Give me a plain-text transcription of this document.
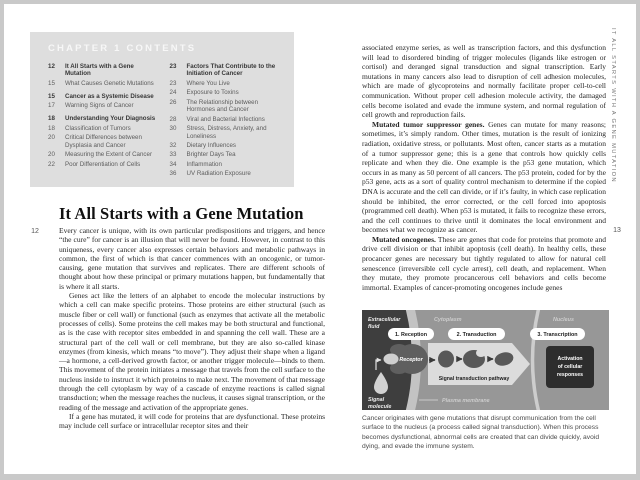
CHAPTER 1 CONTENTS
12	It All Starts with a Gene Mutation
15	What Causes Genetic Mutations
15	Cancer as a Systemic Disease
17	Warning Signs of Cancer
18	Understanding Your Diagnosis
18	Classification of Tumors
20	Critical Differences between Dysplasia and Cancer
20	Measuring the Extent of Cancer
22	Poor Differentiation of Cells
23	Factors That Contribute to the Initiation of Cancer
23	Where You Live
24	Exposure to Toxins
26	The Relationship between Hormones and Cancer
28	Viral and Bacterial Infections
30	Stress, Distress, Anxiety, and Loneliness
32	Dietary Influences
33	Brighter Days Tea
34	Inflammation
36	UV Radiation Exposure
12
It All Starts with a Gene Mutation

Every cancer is unique, with its own particular predispositions and triggers, and hence “the cure” for cancer is an illusion that will never be found. However, in contrast to this uniqueness, every cancer also expresses certain behaviors and metabolic pathways in common, the first of which is that cancer commences with an oncogenic, or tumor-causing, gene mutation that survives and replicates. There are different schools of thought about how these principal or primary mutations happen, but fundamentally that is where it all starts.

Genes act like the letters of an alphabet to encode the molecular instructions by which a cell can make specific proteins. Those proteins are either structural (such as muscle fiber or cell wall) or functional (such as enzymes that activate all the metabolic processes of cells). Some proteins the cell makes may be both structural and functional, as is the case with receptor sites embedded in and spanning the cell wall. These are a structural part of the cell wall or cell membrane, but they are also so-called kinase enzymes (from kinesis, which means “to move”). They adjust their shape when a ligand—a hormone, a cell-derived growth factor, or another trigger molecule—binds to them. This movement of the protein initiates a message that travels from the cell surface to the nucleus inside to instruct it which proteins to make next. The movement of that message through the cell cytoplasm by way of a cascade of enzyme reactions is called signal transduction; when the message reaches the nucleus, it causes signal transcription, or the reading of the message and activation of the appropriate genes.

If a gene has mutated, it will code for proteins that are dysfunctional. These proteins may include cell surface or intracellular receptor sites and their

associated enzyme series, as well as transcription factors, and this dysfunction will lead to disordered binding of trigger molecules (ligands like estrogen or cortisol) and deranged signal transduction and signal transcription. Early mutations in many cancers also lead to disruption of cell adhesion molecules, which are made of glycoproteins and normally facilitate proper cell-to-cell communication. Without proper cell adhesion molecule activity, the damaged cells become isolated and evade the immune system, and normal regulation of cell growth and reproduction fails.

Mutated tumor suppressor genes. Genes can mutate for many reasons; sometimes, it’s simply random. Other times, mutation is the result of ionizing radiation, oxidative stress, or pollutants. Most often, cancer starts as a mutation of a tumor suppressor gene; this is a gene that controls how quickly cells replicate and when they die. One example is the p53 gene mutation, which occurs in as many as 50 percent of all cancers. The p53 protein, coded for by the p53 gene, acts as a sort of quality control mechanism to determine if the copied DNA is accurate and the cell can divide, or if it’s faulty, in which case replication should be inhibited, the error corrected, or the cell forced into apoptosis (programmed cell death). When p53 is mutated, it fails to recognize these errors, and the cell continues to thrive until it dominates the local environment and becomes what we recognize as cancer.

Mutated oncogenes. These are genes that code for proteins that promote and drive cell division or that inhibit apoptosis (cell death). In healthy cells, these procancer genes are necessary but tightly regulated to allow for natural cell senescence (irreversible cell cycle arrest), cell death, and replacement. When they mutate, they promote procancerous cell behaviors and cells become immortal. Examples of cancer-promoting oncogenes include genes

IT ALL STARTS WITH A GENE MUTATION
13
Receptor
Signal transduction pathway
1. Reception	2. Transduction	3. Transcription
Activation
of cellular
responses
Extracellular
fluid
Cytoplasm	Nucleus
Signal
molecule
Plasma membrane
Cancer originates with gene mutations that disrupt communication from the cell surface to the nucleus (a process called signal transduction). When this process becomes dysfunctional, abnormal cells are created that can divide quickly, avoid dying, and evade the immune system.
